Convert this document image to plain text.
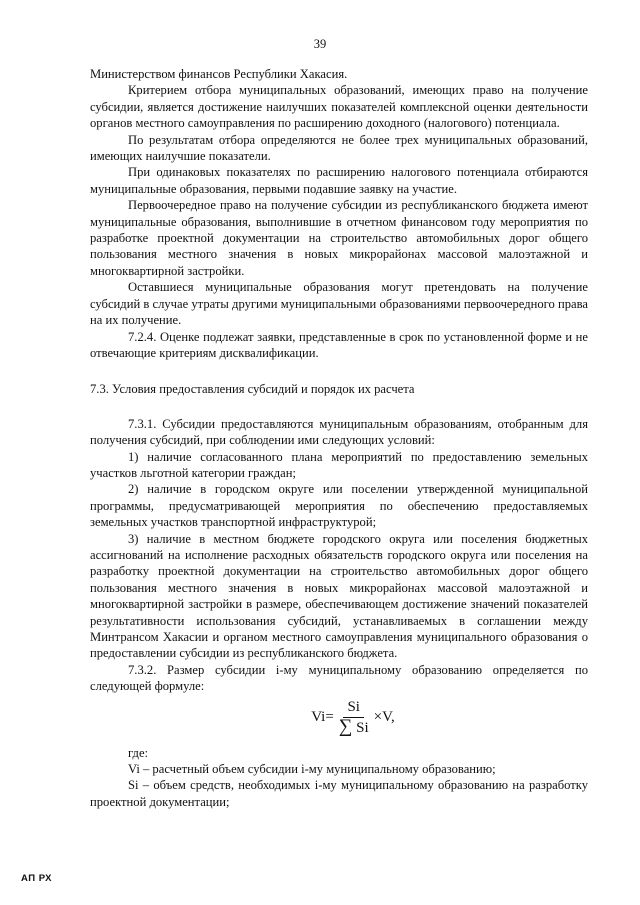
39

Министерством финансов Республики Хакасия.

Критерием отбора муниципальных образований, имеющих право на получение субсидии, является достижение наилучших показателей комплексной оценки деятельности органов местного самоуправления по расширению доходного (налогового) потенциала.

По результатам отбора определяются не более трех муниципальных образований, имеющих наилучшие показатели.

При одинаковых показателях по расширению налогового потенциала отбираются муниципальные образования, первыми подавшие заявку на участие.

Первоочередное право на получение субсидии из республиканского бюджета имеют муниципальные образования, выполнившие в отчетном финансовом году мероприятия по разработке проектной документации на строительство автомобильных дорог общего пользования местного значения в новых микрорайонах массовой малоэтажной и многоквартирной застройки.

Оставшиеся муниципальные образования могут претендовать на получение субсидий в случае утраты другими муниципальными образованиями первоочередного права на их получение.

7.2.4. Оценке подлежат заявки, представленные в срок по установленной форме и не отвечающие критериям дисквалификации.

7.3. Условия предоставления субсидий и порядок их расчета

7.3.1. Субсидии предоставляются муниципальным образованиям, отобранным для получения субсидий, при соблюдении ими следующих условий:

1) наличие согласованного плана мероприятий по предоставлению земельных участков льготной категории граждан;

2) наличие в городском округе или поселении утвержденной муниципальной программы, предусматривающей мероприятия по обеспечению предоставляемых земельных участков транспортной инфраструктурой;

3) наличие в местном бюджете городского округа или поселения бюджетных ассигнований на исполнение расходных обязательств городского округа или поселения на разработку проектной документации на строительство автомобильных дорог общего пользования местного значения в новых микрорайонах массовой малоэтажной и многоквартирной застройки в размере, обеспечивающем достижение значений показателей результативности использования субсидий, устанавливаемых в соглашении между Минтрансом Хакасии и органом местного самоуправления муниципального образования о предоставлении субсидии из республиканского бюджета.

7.3.2. Размер субсидии i-му муниципальному образованию определяется по следующей формуле:

$Vi= \frac{Si}{\sum Si} \times V$,

где:

Vi – расчетный объем субсидии i-му муниципальному образованию;

Si – объем средств, необходимых i-му муниципальному образованию на разработку проектной документации;

АП РХ
